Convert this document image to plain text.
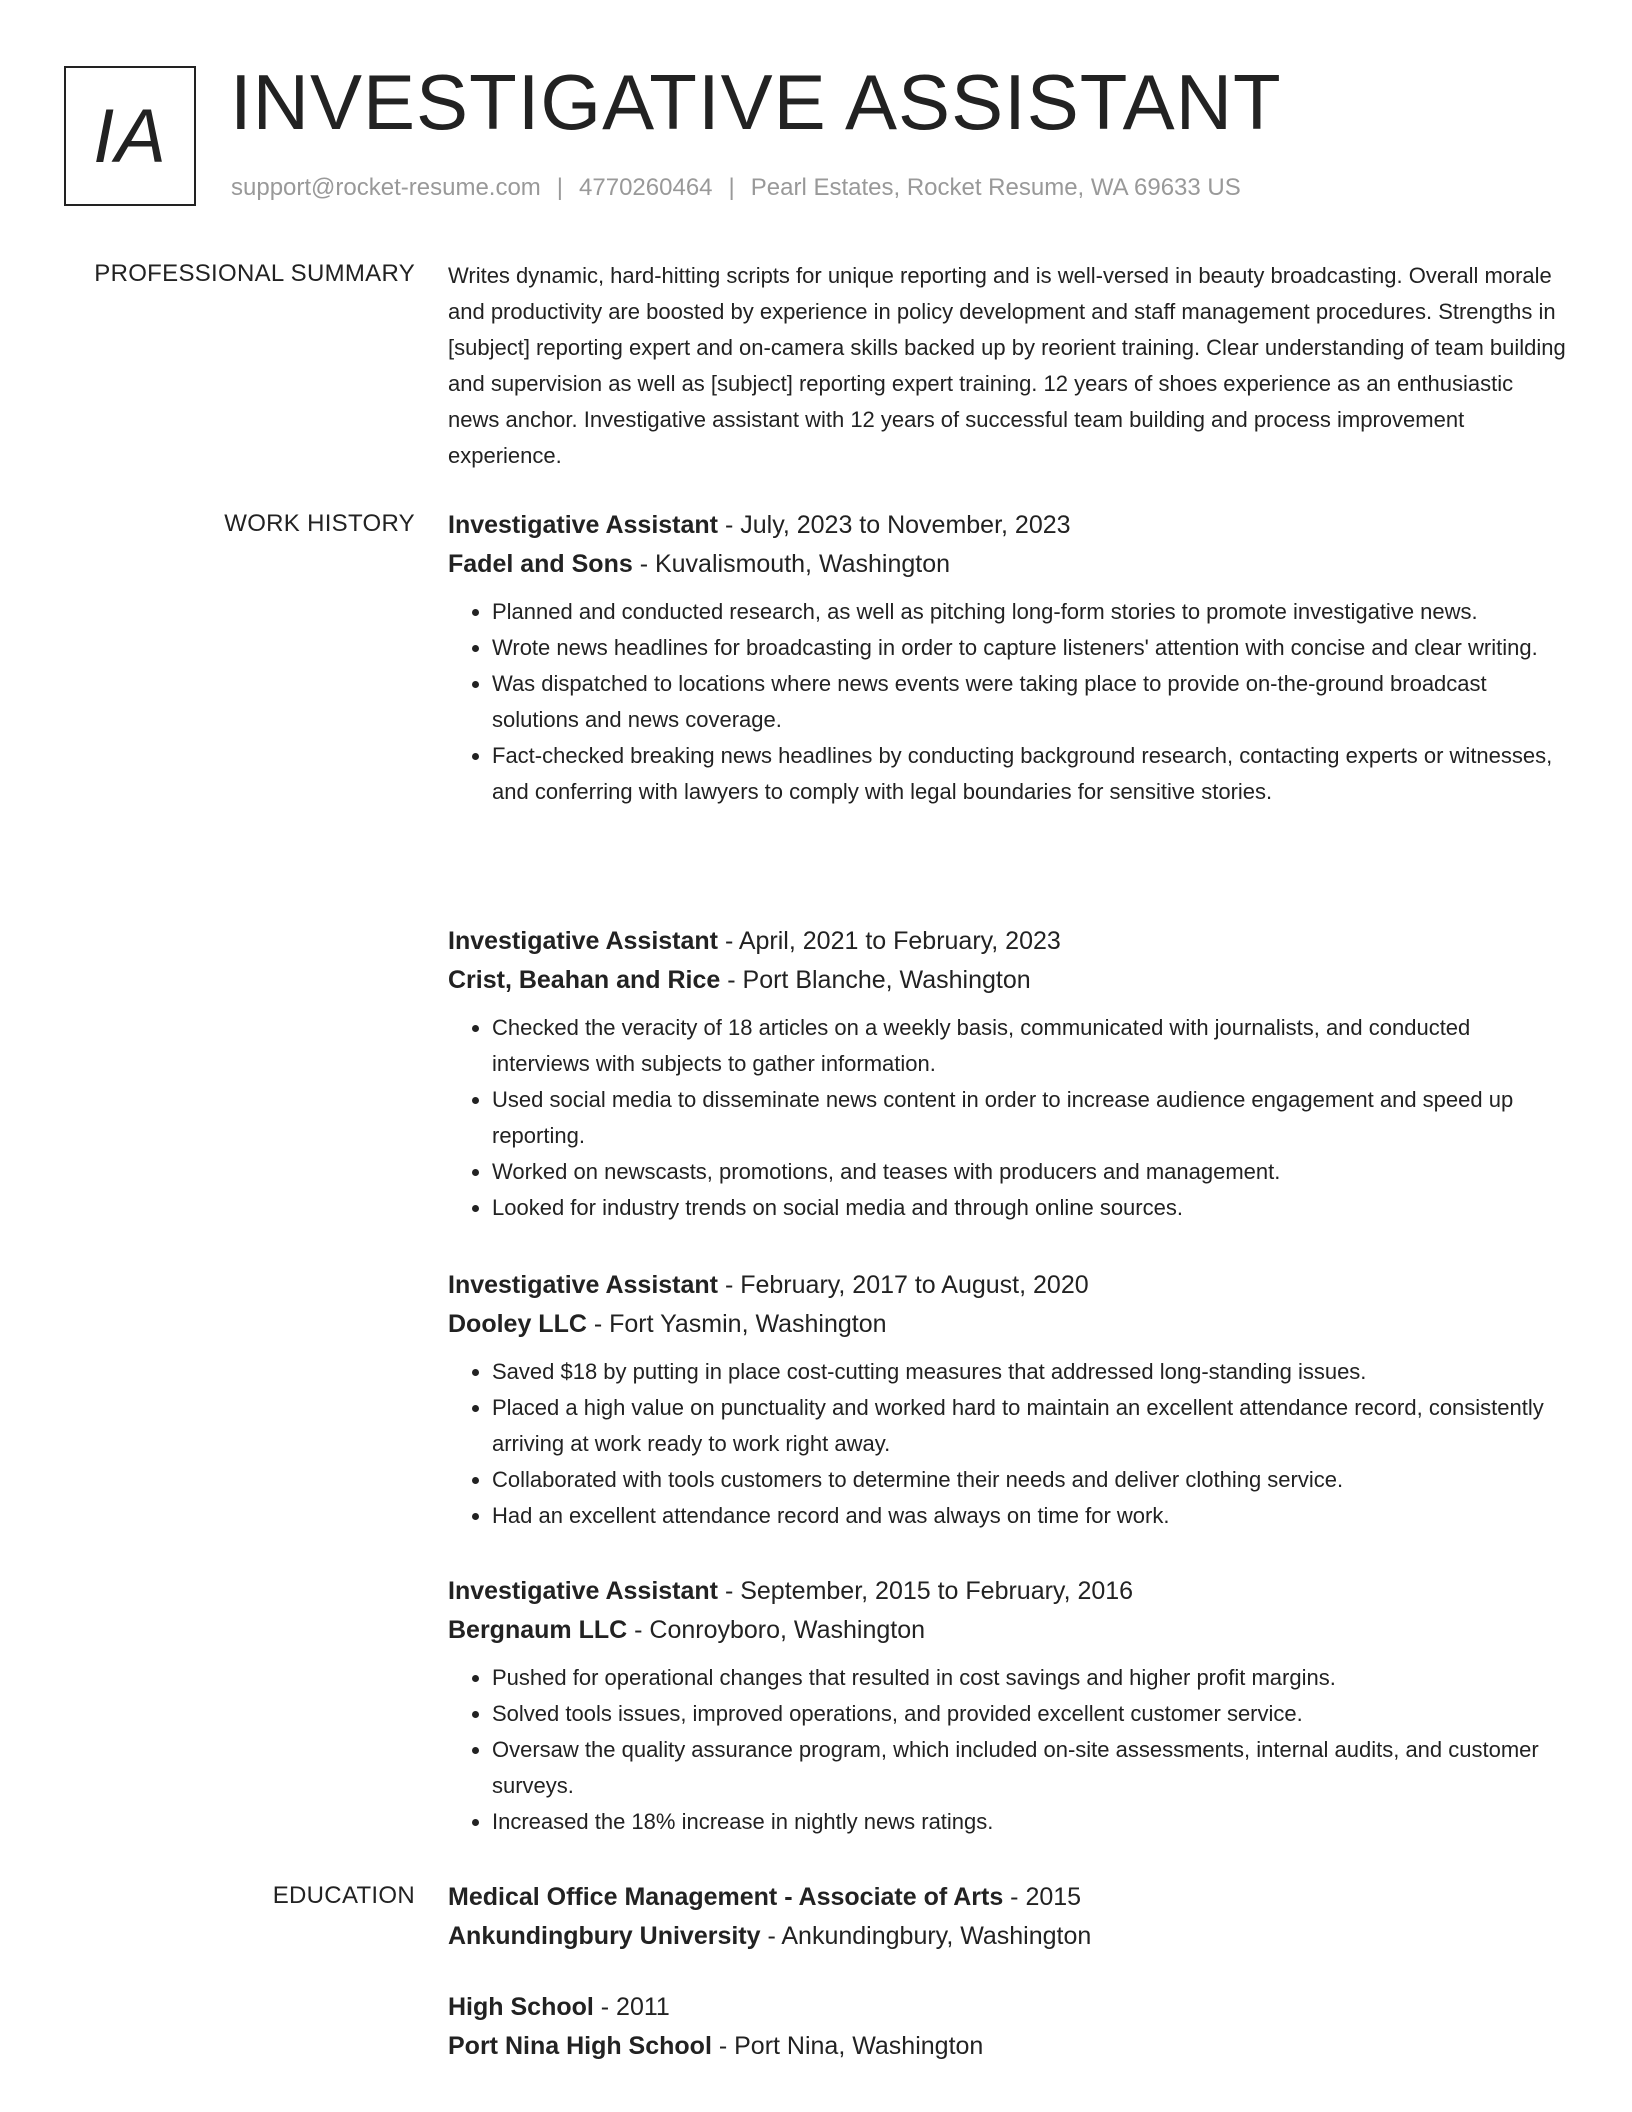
IA INVESTIGATIVE ASSISTANT
support@rocket-resume.com | 4770260464 | Pearl Estates, Rocket Resume, WA 69633 US
PROFESSIONAL SUMMARY Writes dynamic, hard-hitting scripts for unique reporting and is well-versed in beauty broadcasting. Overall morale and productivity are boosted by experience in policy development and staff management procedures. Strengths in [subject] reporting expert and on-camera skills backed up by reorient training. Clear understanding of team building and supervision as well as [subject] reporting expert training. 12 years of shoes experience as an enthusiastic news anchor. Investigative assistant with 12 years of successful team building and process improvement experience.

WORK HISTORY Investigative Assistant - July, 2023 to November, 2023
Fadel and Sons - Kuvalismouth, Washington
• Planned and conducted research, as well as pitching long-form stories to promote investigative news.
• Wrote news headlines for broadcasting in order to capture listeners' attention with concise and clear writing.
• Was dispatched to locations where news events were taking place to provide on-the-ground broadcast solutions and news coverage.
• Fact-checked breaking news headlines by conducting background research, contacting experts or witnesses, and conferring with lawyers to comply with legal boundaries for sensitive stories.
Investigative Assistant - April, 2021 to February, 2023
Crist, Beahan and Rice - Port Blanche, Washington
• Checked the veracity of 18 articles on a weekly basis, communicated with journalists, and conducted interviews with subjects to gather information.
• Used social media to disseminate news content in order to increase audience engagement and speed up reporting.
• Worked on newscasts, promotions, and teases with producers and management.
• Looked for industry trends on social media and through online sources.
Investigative Assistant - February, 2017 to August, 2020
Dooley LLC - Fort Yasmin, Washington
• Saved $18 by putting in place cost-cutting measures that addressed long-standing issues.
• Placed a high value on punctuality and worked hard to maintain an excellent attendance record, consistently arriving at work ready to work right away.
• Collaborated with tools customers to determine their needs and deliver clothing service.
• Had an excellent attendance record and was always on time for work.
Investigative Assistant - September, 2015 to February, 2016
Bergnaum LLC - Conroyboro, Washington
• Pushed for operational changes that resulted in cost savings and higher profit margins.
• Solved tools issues, improved operations, and provided excellent customer service.
• Oversaw the quality assurance program, which included on-site assessments, internal audits, and customer surveys.
• Increased the 18% increase in nightly news ratings.
EDUCATION Medical Office Management - Associate of Arts - 2015
Ankundingbury University - Ankundingbury, Washington
High School - 2011
Port Nina High School - Port Nina, Washington
